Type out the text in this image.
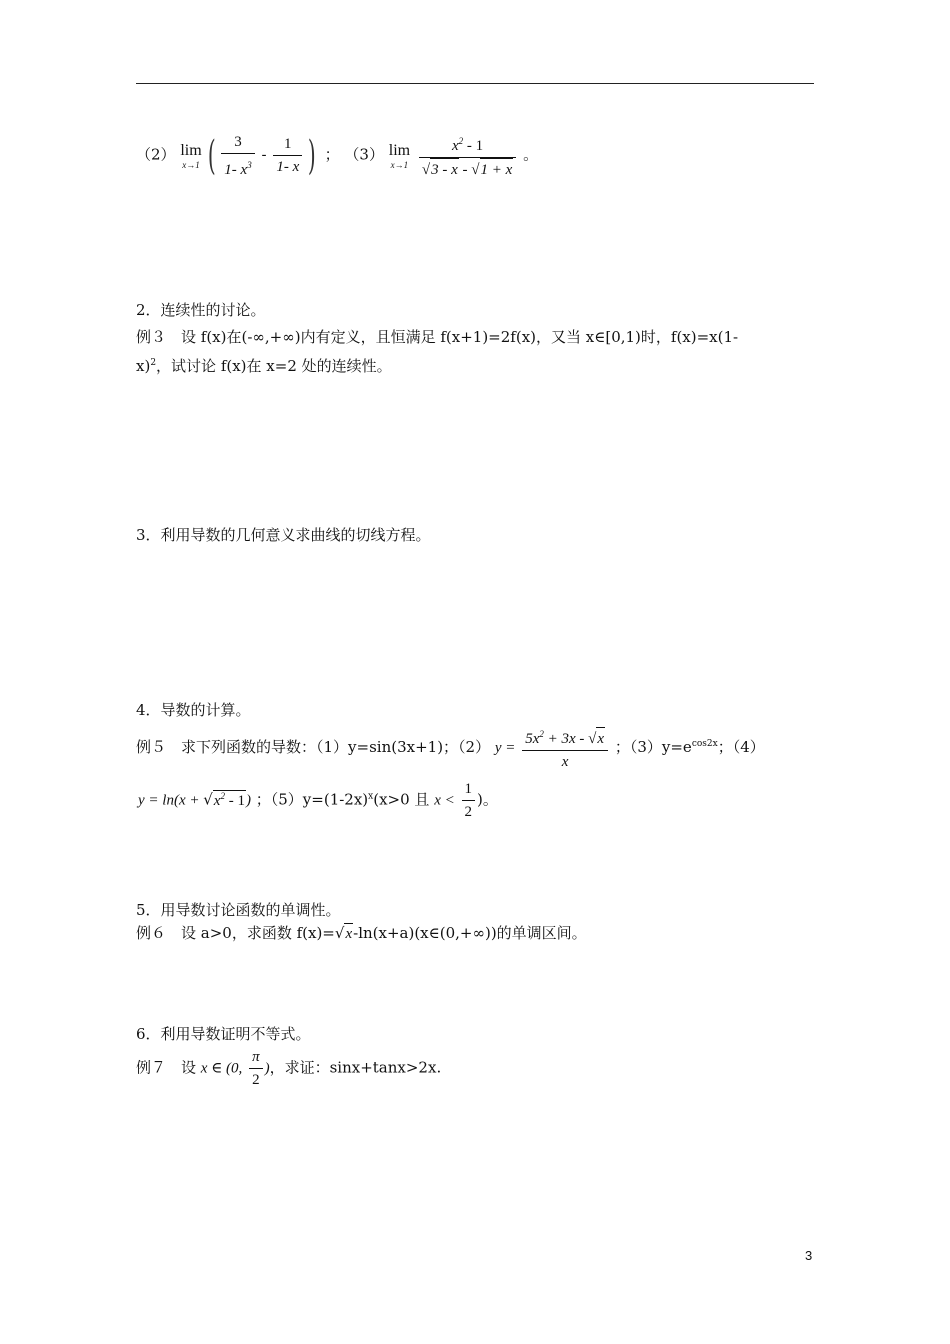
（2） lim
x→1 ( $\frac{3}{1- x^3} - \frac{1}{1- x}$ ) ； （3） lim
x→1
$\frac{x^2 - 1}{√3 - x - √1 + x}$ 。
2．连续性的讨论。
例３　设 f(x)在(-∞,+∞)内有定义，且恒满足 f(x+1)=2f(x)，又当 x∈[0,1)时，f(x)=x(1-
x)$^2$，试讨论 f(x)在 x=2 处的连续性。
3．利用导数的几何意义求曲线的切线方程。
4．导数的计算。
例５　求下列函数的导数：（1）y=sin(3x+1)；（2） $y = \frac{5x^2 + 3x - √x}{x}$ ；$(3)y=e^{cos2x}$；（4）
$y = \ln(x + √x^2 - 1)$ ；$(5)y=(1-2x)^x(x>0$ 且 $x < \frac{1}{2}$ )。
5．用导数讨论函数的单调性。
例６　设 a>0，求函数 f(x)=√x-ln(x+a)(x∈(0,+∞))的单调区间。
6．利用导数证明不等式。
例７　设 x ∈ (0, $\frac{\pi}{2}$ )，求证：sinx+tanx>2x.
3
